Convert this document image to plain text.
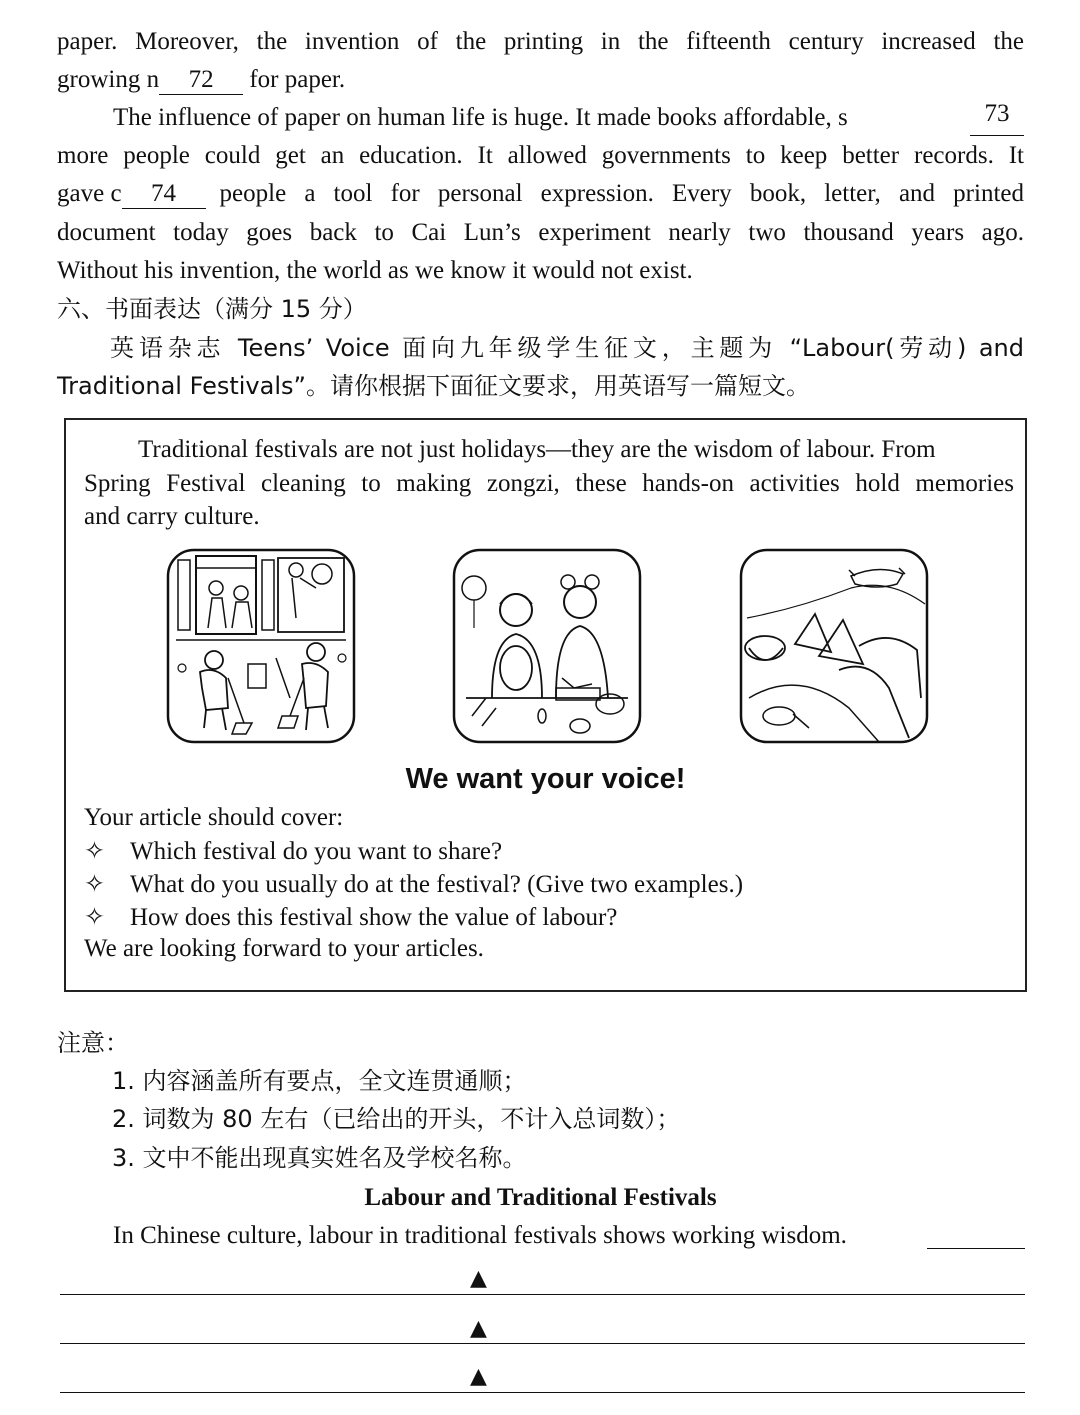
paper. Moreover, the invention of the printing in the fifteenth century increased the
growing n 72 for paper.
The influence of paper on human life is huge. It made books affordable, s	73
more people could get an education. It allowed governments to keep better records. It
gave c	74	people a tool for personal expression. Every book, letter, and printed
document today goes back to Cai Lun’s experiment nearly two thousand years ago.
Without his invention, the world as we know it would not exist.
六、书面表达（满分 15 分）
英语杂志 Teens’ Voice 面向九年级学生征文，主题为 “Labour(劳动) and
Traditional Festivals”。请你根据下面征文要求，用英语写一篇短文。
Traditional festivals are not just holidays—they are the wisdom of labour. From
Spring Festival cleaning to making zongzi, these hands-on activities hold memories
and carry culture.
We want your voice!
Your article should cover:
✧ Which festival do you want to share?
✧ What do you usually do at the festival? (Give two examples.)
✧ How does this festival show the value of labour?
We are looking forward to your articles.
注意：
1. 内容涵盖所有要点，全文连贯通顺；
2. 词数为 80 左右（已给出的开头，不计入总词数）；
3. 文中不能出现真实姓名及学校名称。
Labour and Traditional Festivals
In Chinese culture, labour in traditional festivals shows working wisdom.
▲
▲
▲
